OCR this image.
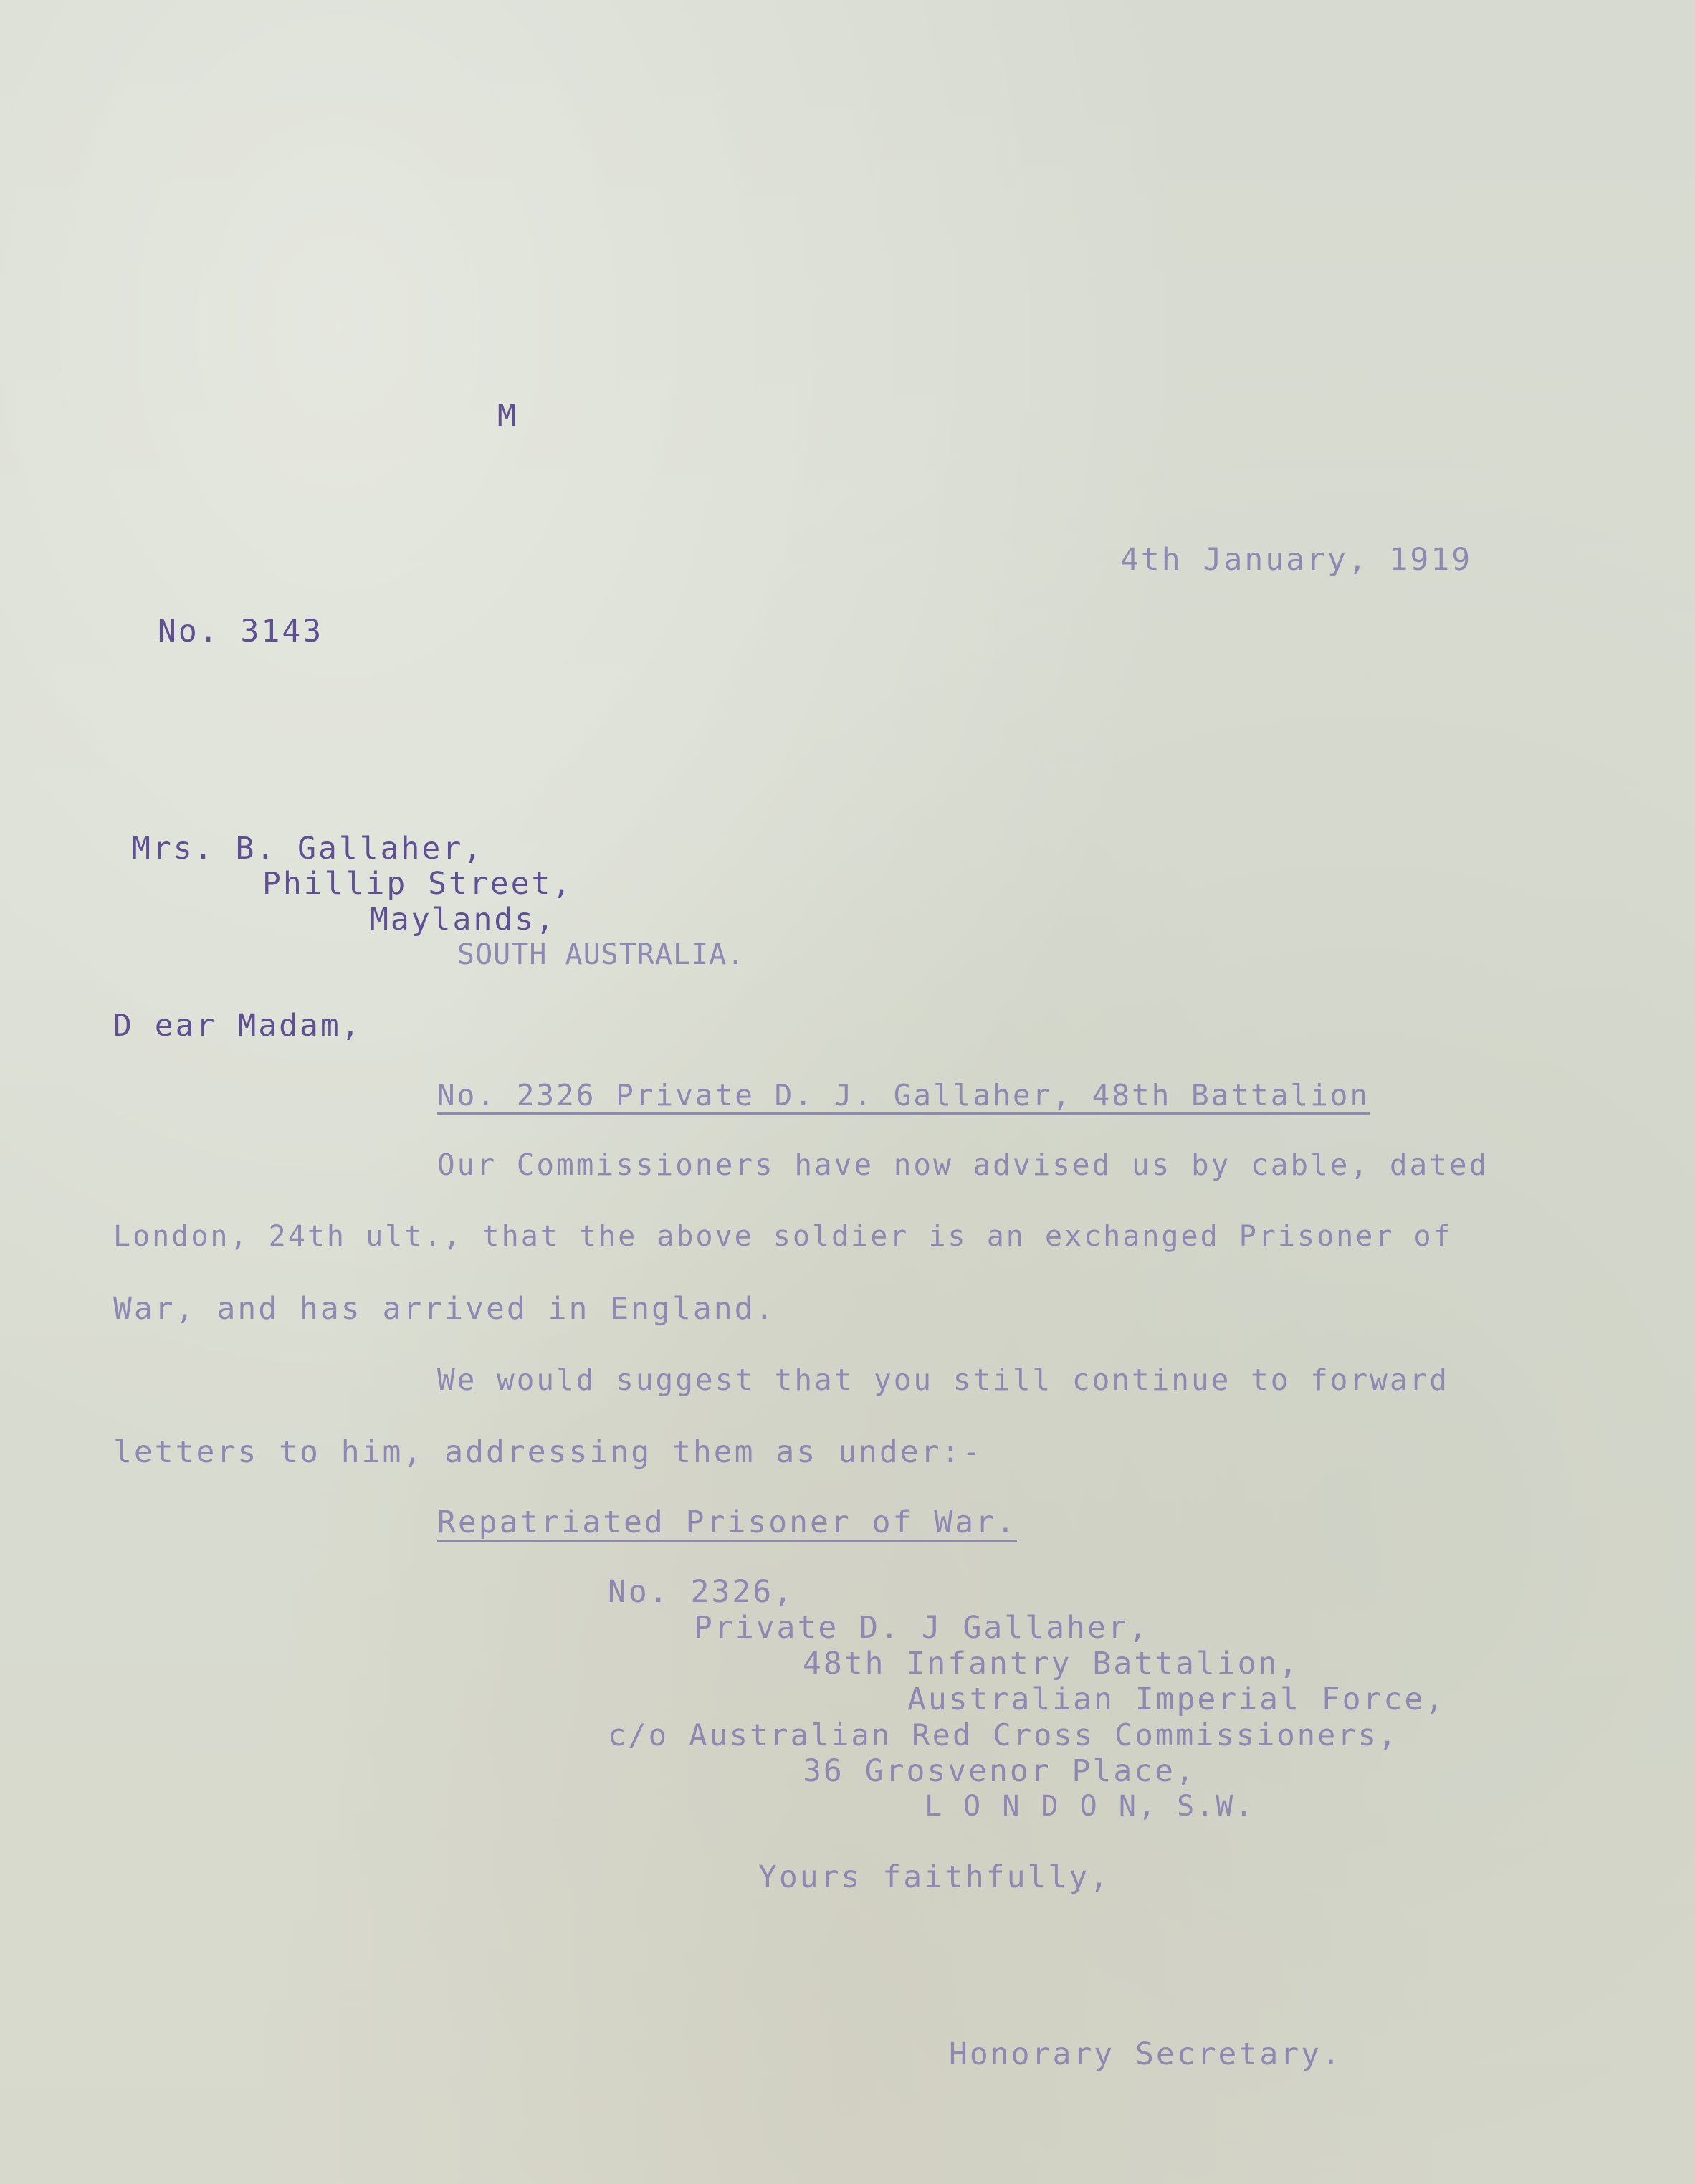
M
4th January, 1919
No. 3143
Mrs. B. Gallaher,
Phillip Street,
Maylands,
SOUTH AUSTRALIA.
D ear Madam,
No. 2326 Private D. J. Gallaher, 48th Battalion
Our Commissioners have now advised us by cable, dated
London, 24th ult., that the above soldier is an exchanged Prisoner of
War, and has arrived in England.
We would suggest that you still continue to forward
letters to him, addressing them as under:-
Repatriated Prisoner of War.
No. 2326,
Private D. J Gallaher,
48th Infantry Battalion,
Australian Imperial Force,
c/o Australian Red Cross Commissioners,
36 Grosvenor Place,
L O N D O N, S.W.
Yours faithfully,
Honorary Secretary.
